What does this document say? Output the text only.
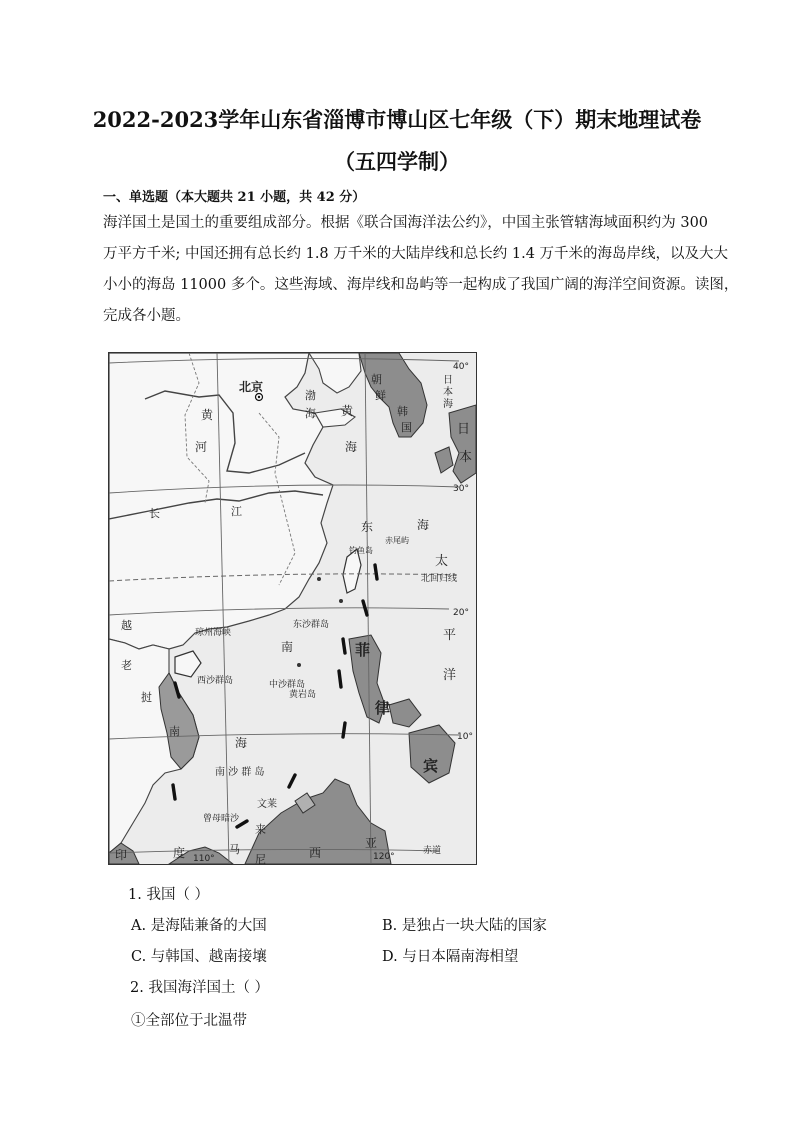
2022-2023学年山东省淄博市博山区七年级（下）期末地理试卷
（五四学制）
一、单选题（本大题共 21 小题，共 42 分）

海洋国土是国土的重要组成部分。根据《联合国海洋法公约》，中国主张管辖海域面积约为 300

万平方千米; 中国还拥有总长约 1.8 万千米的大陆岸线和总长约 1.4 万千米的海岛岸线，以及大大

小小的海岛 11000 多个。这些海域、海岸线和岛屿等一起构成了我国广阔的海洋空间资源。读图，

完成各小题。

北京
渤
海 黄
海
黄
河
朝
鲜
韩
国
日
本
海
日
本
长	江
东	海
钓鱼岛
赤尾屿
太
平
洋
北回归线
琼州海峡
东沙群岛
越
老
挝
南
菲
律
宾
南
海
西沙群岛	中沙群岛
黄岩岛
南 沙 群 岛
文莱
曾母暗沙
马
来
西
亚
印	度	尼
40°
30°
20°
10°
110°	120°
赤道
1. 我国（ ）
A. 是海陆兼备的大国	B. 是独占一块大陆的国家
C. 与韩国、越南接壤	D. 与日本隔南海相望
2. 我国海洋国土（ ）
①全部位于北温带
